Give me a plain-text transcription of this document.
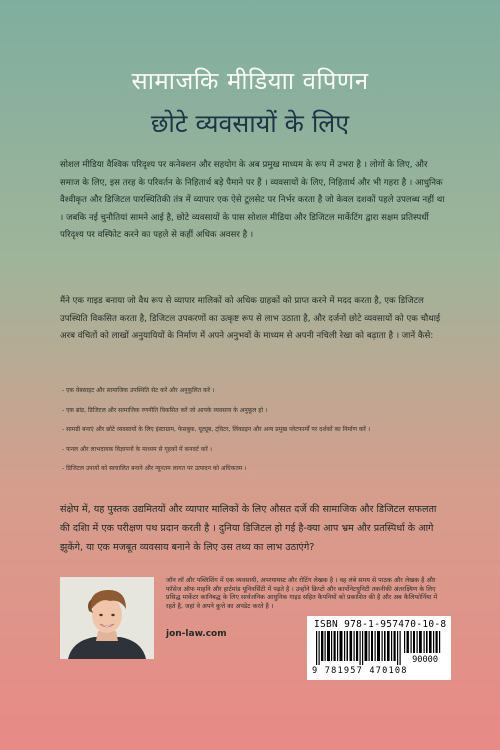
सामाजकि मीडियाा वपिणन
छोटे व्यवसायों के लिए

सोशल मीडिया वैश्विक परिदृश्य पर कनेक्शन और सहयोग के अब प्रमुख माध्यम के रूप में उभरा है । लोगों के लिए, और समाज के लिए, इस तरह के परिवर्तन के निहितार्थ बड़े पैमाने पर हैं । व्यवसायों के लिए, निहितार्थ और भी गहरा है । आधुनिक वैश्वीकृत और डिजिटल पारस्थितिकी तंत्र में व्यापार एक ऐसे टूलसेट पर निर्भर करता है जो केवल दशकों पहले उपलब्ध नहीं था । जबकि नई चुनौतियां सामने आई है, छोटे व्यवसायों के पास सोशल मीडिया और डिजिटल मार्केटिंग द्वारा सक्षम प्रतिस्पर्धी परिदृश्य पर वस्फिोट करने का पहले से कहीं अधिक अवसर है ।

मैंने एक गाइड बनाया जो वैध रूप से व्यापार मालिकों को अधिक ग्राहकों को प्राप्त करने में मदद करता है, एक डिजिटल उपस्थिति विकसित करता है, डिजिटल उपकरणों का उत्कृष्ट रूप से लाभ उठाता है, और दर्जनों छोटे व्यवसायों को एक चौथाई अरब वंचितों को लाखों अनुयायियों के निर्माण में अपने अनुभवों के माध्यम से अपनी नचिली रेखा को बढ़ाता है । जानें कैसे:

- एक वेबसाइट और सामाजिक उपस्थिति सेट करें और अनुकूलित करें ।
- एक ब्रांड, डिजिटल और सामाजिक रणनीति विकसित करें जो आपके व्यवसाय के अनुकूल हो ।
- सामग्री बनाएं और छोटे व्यवसायों के लिए इंस्टाग्राम, फेसबुक, यूट्यूब, ट्विटर, लिंक्डइन और अन्य प्रमुख प्लेटफार्मों पर दर्शकों का निर्माण करें ।
- फनल और लाभदायक विज्ञापनों के माध्यम से गृहकों में कनवर्ट करें ।
- डिजिटल उपायों को स्वचालित बनाने और न्यूनतम लागत पर उत्पादन को अधिकतम ।

संक्षेप में, यह पुस्तक उद्यमितयों और व्यापार मालिकों के लिए औसत दर्जे की सामाजिक और डिजिटल सफलता की दशिा में एक परीक्षण पथ प्रदान करती है । दुनिया डिजिटल हो गई है-क्या आप भ्रम और प्रतस्पिर्धा के आगे झुकेंगे, या एक मजबूत व्यवसाय बनाने के लिए उस तथ्य का लाभ उठाएंगे?

जॉन लॉ और पब्लिशिंग में एक व्यवसायी, अपरयायस्ट और रोटिंग लेखक है । वह लंबे समय से पाठक और लेखक है और फॉसेज ऑफ माहनि और हार्टमांड यूनिवर्सिटी में पढ़ते है । उन्होंने क्रिप्टो और कार्पोनेटयुनिटी तकनीकी अंतरक्ष्यिण के लिए प्रसिद्ध मार्केटर कानिबद्ध के लिए सार्वजनिक आधुनिक गाइड सहित कैपनियों को प्रकाशित की है और अब कैलिफोर्निया में रहते है, जहां वे अपने कुत्ते का अपडेट करते है ।

jon-law.com
ISBN 978-1-957470-10-8
90000
9 781957 470108
